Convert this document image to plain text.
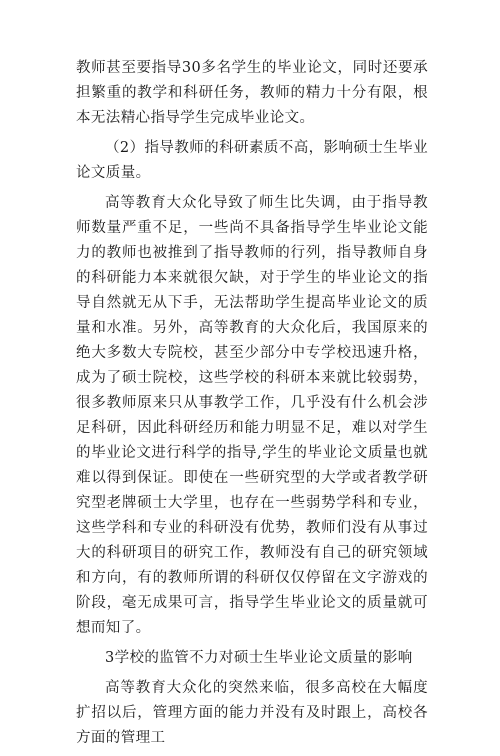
教师甚至要指导30多名学生的毕业论文，同时还要承担繁重的教学和科研任务，教师的精力十分有限，根本无法精心指导学生完成毕业论文。

（2）指导教师的科研素质不高，影响硕士生毕业论文质量。

高等教育大众化导致了师生比失调，由于指导教师数量严重不足，一些尚不具备指导学生毕业论文能力的教师也被推到了指导教师的行列，指导教师自身的科研能力本来就很欠缺，对于学生的毕业论文的指导自然就无从下手，无法帮助学生提高毕业论文的质量和水准。另外，高等教育的大众化后，我国原来的绝大多数大专院校，甚至少部分中专学校迅速升格，成为了硕士院校，这些学校的科研本来就比较弱势，很多教师原来只从事教学工作，几乎没有什么机会涉足科研，因此科研经历和能力明显不足，难以对学生的毕业论文进行科学的指导,学生的毕业论文质量也就难以得到保证。即使在一些研究型的大学或者教学研究型老牌硕士大学里，也存在一些弱势学科和专业，这些学科和专业的科研没有优势，教师们没有从事过大的科研项目的研究工作，教师没有自己的研究领域和方向，有的教师所谓的科研仅仅停留在文字游戏的阶段，毫无成果可言，指导学生毕业论文的质量就可想而知了。

3学校的监管不力对硕士生毕业论文质量的影响

高等教育大众化的突然来临，很多高校在大幅度扩招以后，管理方面的能力并没有及时跟上，高校各方面的管理工
